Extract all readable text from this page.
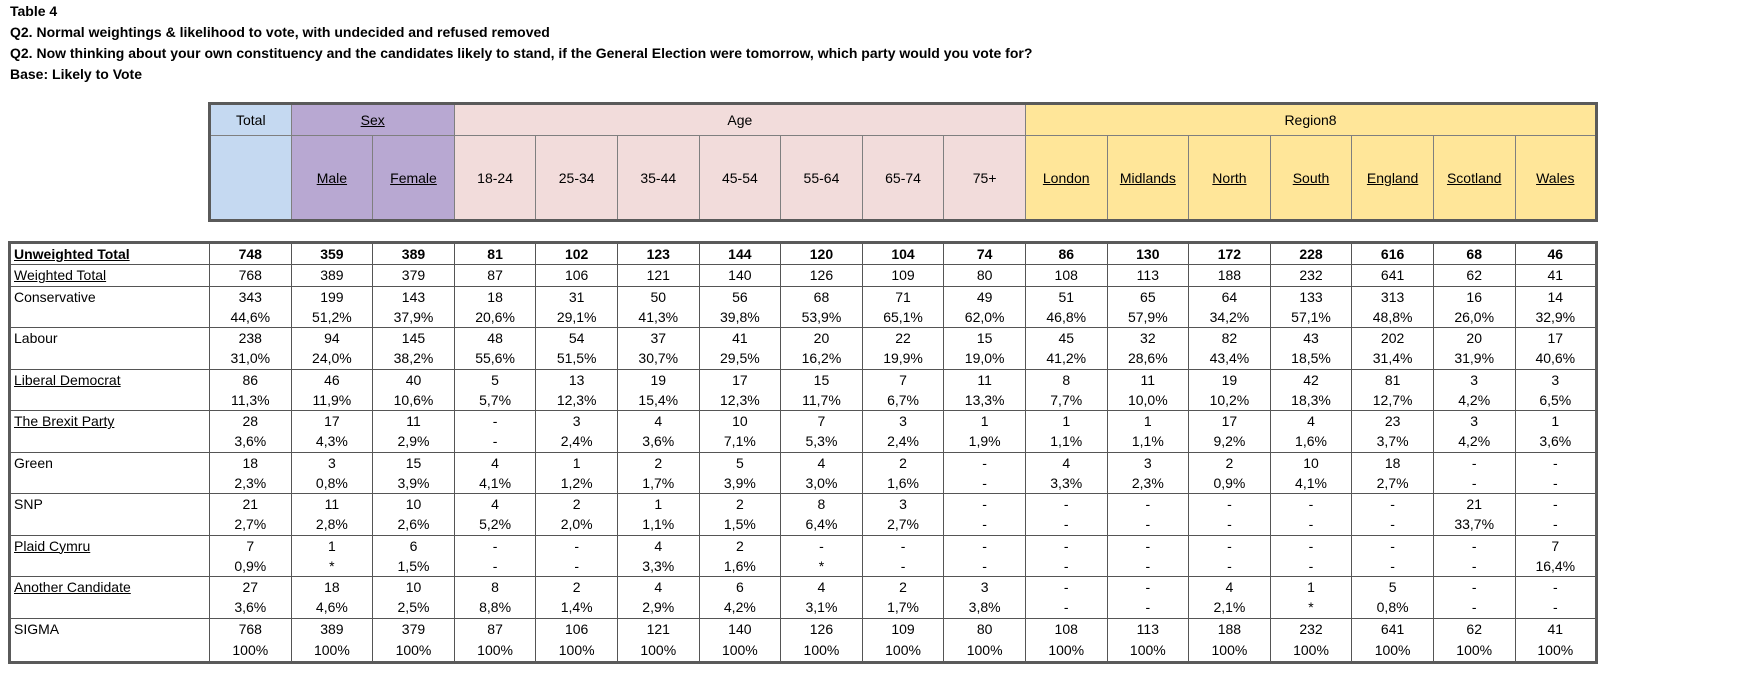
Table 4
Q2. Normal weightings & likelihood to vote, with undecided and refused removed
Q2. Now thinking about your own constituency and the candidates likely to stand, if the General Election were tomorrow, which party would you vote for?
Base: Likely to Vote
Total	Sex		Age							Region8						
	Male	Female	18-24	25-34	35-44	45-54	55-64	65-74	75+	London	Midlands	North	South	England	Scotland	Wales
Unweighted Total	748	359	389	81	102	123	144	120	104	74	86	130	172	228	616	68	46
Weighted Total	768	389	379	87	106	121	140	126	109	80	108	113	188	232	641	62	41
Conservative	343	199	143	18	31	50	56	68	71	49	51	65	64	133	313	16	14
	44,6%	51,2%	37,9%	20,6%	29,1%	41,3%	39,8%	53,9%	65,1%	62,0%	46,8%	57,9%	34,2%	57,1%	48,8%	26,0%	32,9%
Labour	238	94	145	48	54	37	41	20	22	15	45	32	82	43	202	20	17
	31,0%	24,0%	38,2%	55,6%	51,5%	30,7%	29,5%	16,2%	19,9%	19,0%	41,2%	28,6%	43,4%	18,5%	31,4%	31,9%	40,6%
Liberal Democrat	86	46	40	5	13	19	17	15	7	11	8	11	19	42	81	3	3
	11,3%	11,9%	10,6%	5,7%	12,3%	15,4%	12,3%	11,7%	6,7%	13,3%	7,7%	10,0%	10,2%	18,3%	12,7%	4,2%	6,5%
The Brexit Party	28	17	11	-	3	4	10	7	3	1	1	1	17	4	23	3	1
	3,6%	4,3%	2,9%	-	2,4%	3,6%	7,1%	5,3%	2,4%	1,9%	1,1%	1,1%	9,2%	1,6%	3,7%	4,2%	3,6%
Green	18	3	15	4	1	2	5	4	2	-	4	3	2	10	18	-	-
	2,3%	0,8%	3,9%	4,1%	1,2%	1,7%	3,9%	3,0%	1,6%	-	3,3%	2,3%	0,9%	4,1%	2,7%	-	-
SNP	21	11	10	4	2	1	2	8	3	-	-	-	-	-	-	21	-
	2,7%	2,8%	2,6%	5,2%	2,0%	1,1%	1,5%	6,4%	2,7%	-	-	-	-	-	-	33,7%	-
Plaid Cymru	7	1	6	-	-	4	2	-	-	-	-	-	-	-	-	-	7
	0,9%	*	1,5%	-	-	3,3%	1,6%	*	-	-	-	-	-	-	-	-	16,4%
Another Candidate	27	18	10	8	2	4	6	4	2	3	-	-	4	1	5	-	-
	3,6%	4,6%	2,5%	8,8%	1,4%	2,9%	4,2%	3,1%	1,7%	3,8%	-	-	2,1%	*	0,8%	-	-
SIGMA	768	389	379	87	106	121	140	126	109	80	108	113	188	232	641	62	41
	100%	100%	100%	100%	100%	100%	100%	100%	100%	100%	100%	100%	100%	100%	100%	100%	100%
